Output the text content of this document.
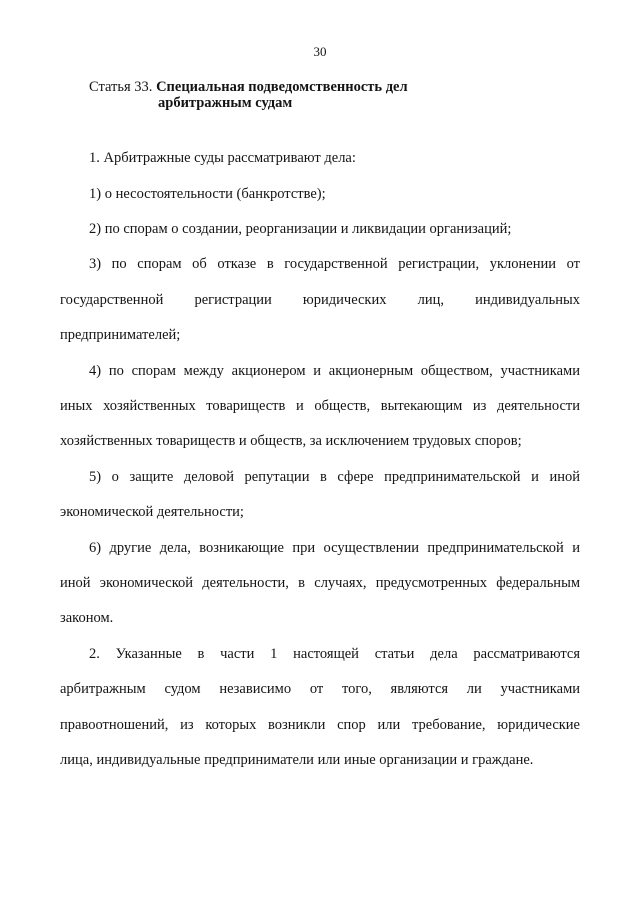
30
Статья 33. Специальная подведомственность дел
арбитражным судам
1. Арбитражные суды рассматривают дела:
1) о несостоятельности (банкротстве);
2) по спорам о создании, реорганизации и ликвидации организаций;
3) по спорам об отказе в государственной регистрации, уклонении от
государственной регистрации юридических лиц, индивидуальных
предпринимателей;
4) по спорам между акционером и акционерным обществом, участниками
иных хозяйственных товариществ и обществ, вытекающим из деятельности
хозяйственных товариществ и обществ, за исключением трудовых споров;
5) о защите деловой репутации в сфере предпринимательской и иной
экономической деятельности;
6) другие дела, возникающие при осуществлении предпринимательской и
иной экономической деятельности, в случаях, предусмотренных федеральным
законом.
2. Указанные в части 1 настоящей статьи дела рассматриваются
арбитражным судом независимо от того, являются ли участниками
правоотношений, из которых возникли спор или требование, юридические
лица, индивидуальные предприниматели или иные организации и граждане.
